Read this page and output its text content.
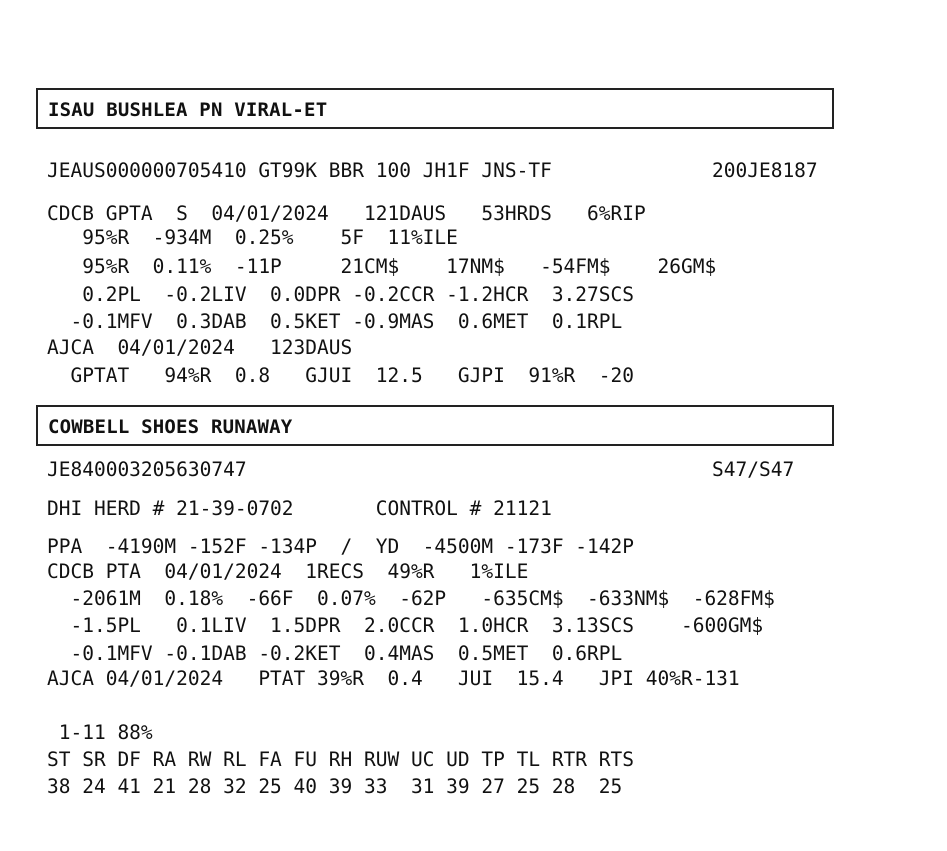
ISAU BUSHLEA PN VIRAL-ET
JEAUS000000705410 GT99K BBR 100 JH1F JNS-TF	200JE8187
CDCB GPTA  S  04/01/2024   121DAUS   53HRDS   6%RIP
95%R  -934M  0.25%    5F  11%ILE
95%R  0.11%  -11P     21CM$    17NM$   -54FM$    26GM$
0.2PL  -0.2LIV  0.0DPR -0.2CCR -1.2HCR  3.27SCS
-0.1MFV  0.3DAB  0.5KET -0.9MAS  0.6MET  0.1RPL
AJCA  04/01/2024   123DAUS
GPTAT   94%R  0.8   GJUI  12.5   GJPI  91%R  -20
COWBELL SHOES RUNAWAY
JE840003205630747	S47/S47
DHI HERD # 21-39-0702       CONTROL # 21121
PPA  -4190M -152F -134P  /  YD  -4500M -173F -142P
CDCB PTA  04/01/2024  1RECS  49%R   1%ILE
-2061M  0.18%  -66F  0.07%  -62P   -635CM$  -633NM$  -628FM$
-1.5PL   0.1LIV  1.5DPR  2.0CCR  1.0HCR  3.13SCS    -600GM$
-0.1MFV -0.1DAB -0.2KET  0.4MAS  0.5MET  0.6RPL
AJCA 04/01/2024   PTAT 39%R  0.4   JUI  15.4   JPI 40%R-131
1-11 88%
ST SR DF RA RW RL FA FU RH RUW UC UD TP TL RTR RTS
38 24 41 21 28 32 25 40 39 33  31 39 27 25 28  25
